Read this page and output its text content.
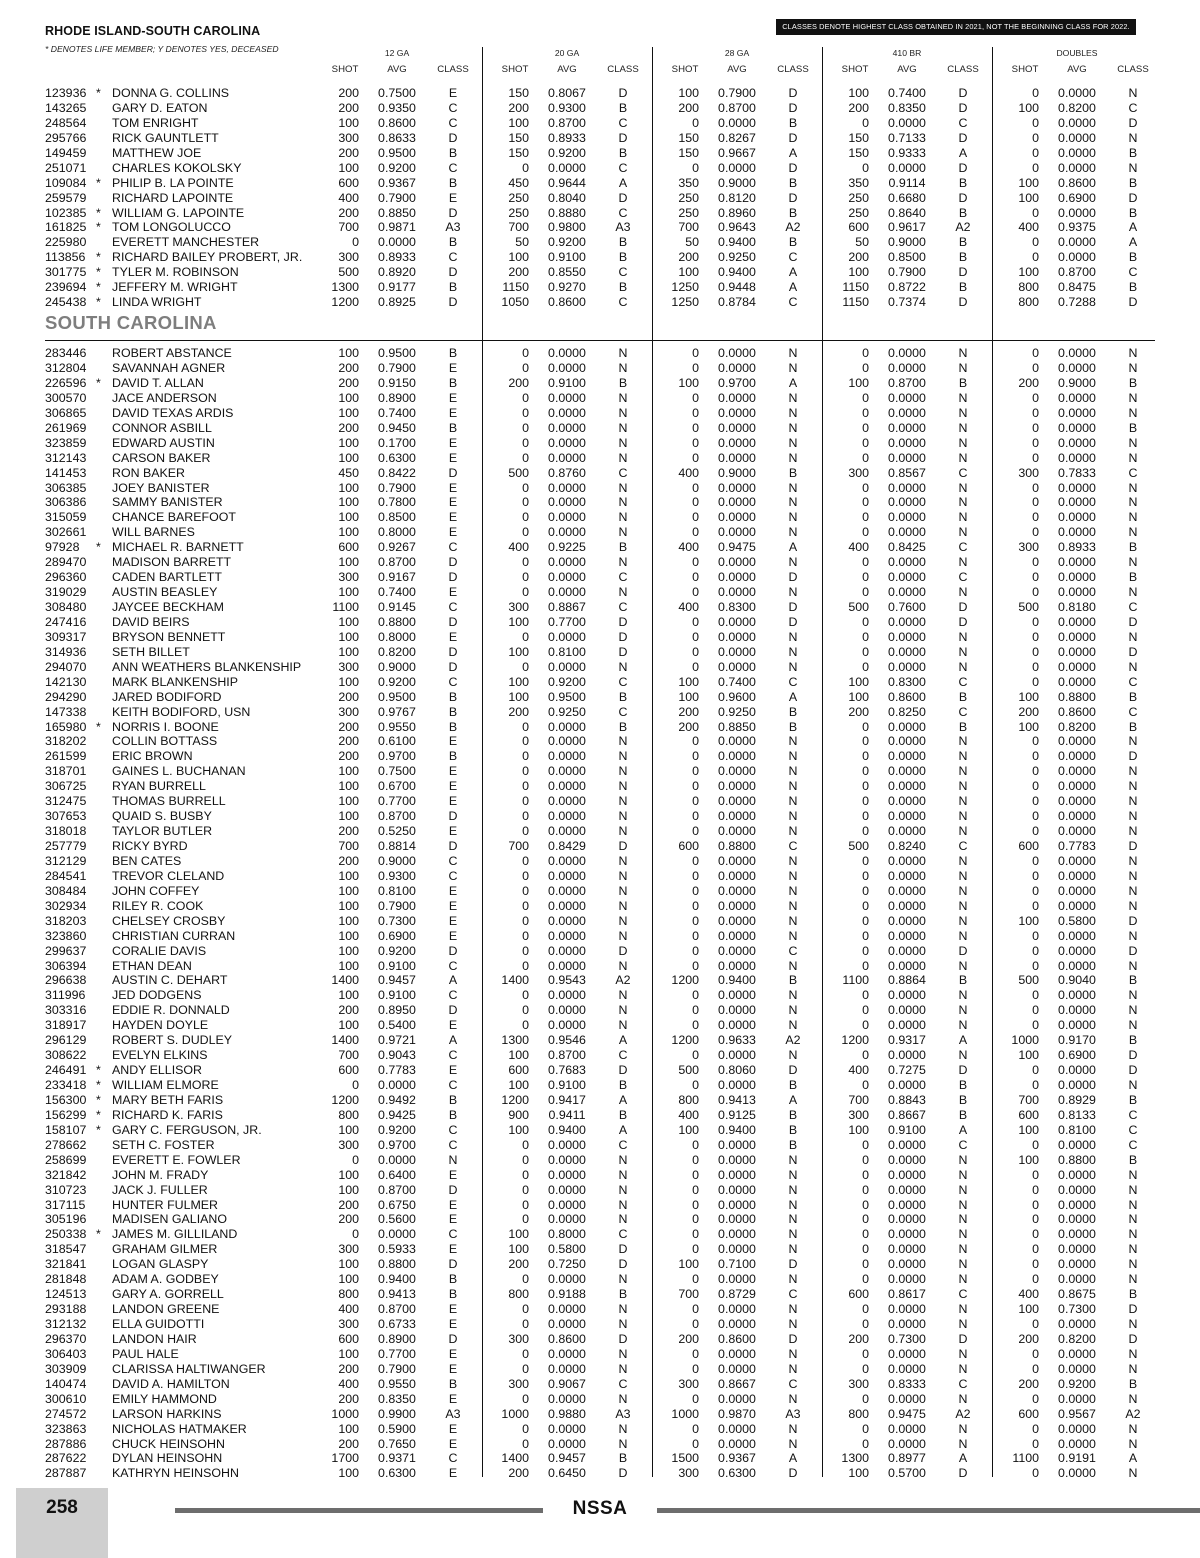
RHODE ISLAND-SOUTH CAROLINA
* DENOTES LIFE MEMBER; Y DENOTES YES, DECEASED
CLASSES DENOTE HIGHEST CLASS OBTAINED IN 2021, NOT THE BEGINNING CLASS FOR 2022.
12 GA
SHOT	AVG	CLASS
20 GA
SHOT	AVG	CLASS
28 GA
SHOT	AVG	CLASS
410 BR
SHOT	AVG	CLASS
DOUBLES
SHOT	AVG	CLASS
123936 * DONNA G. COLLINS	200	0.7500	E	150	0.8067	D	100	0.7900	D	100	0.7400	D	0	0.0000	N
143265 GARY D. EATON	200	0.9350	C	200	0.9300	B	200	0.8700	D	200	0.8350	D	100	0.8200	C
248564 TOM ENRIGHT	100	0.8600	C	100	0.8700	C	0	0.0000	B	0	0.0000	C	0	0.0000	D
295766 RICK GAUNTLETT	300	0.8633	D	150	0.8933	D	150	0.8267	D	150	0.7133	D	0	0.0000	N
149459 MATTHEW JOE	200	0.9500	B	150	0.9200	B	150	0.9667	A	150	0.9333	A	0	0.0000	B
251071 CHARLES KOKOLSKY	100	0.9200	C	0	0.0000	C	0	0.0000	D	0	0.0000	D	0	0.0000	N
109084 * PHILIP B. LA POINTE	600	0.9367	B	450	0.9644	A	350	0.9000	B	350	0.9114	B	100	0.8600	B
259579 RICHARD LAPOINTE	400	0.7900	E	250	0.8040	D	250	0.8120	D	250	0.6680	D	100	0.6900	D
102385 * WILLIAM G. LAPOINTE	200	0.8850	D	250	0.8880	C	250	0.8960	B	250	0.8640	B	0	0.0000	B
161825 * TOM LONGOLUCCO	700	0.9871	A3	700	0.9800	A3	700	0.9643	A2	600	0.9617	A2	400	0.9375	A
225980 EVERETT MANCHESTER	0	0.0000	B	50	0.9200	B	50	0.9400	B	50	0.9000	B	0	0.0000	A
113856 * RICHARD BAILEY PROBERT, JR.	300	0.8933	C	100	0.9100	B	200	0.9250	C	200	0.8500	B	0	0.0000	B
301775 * TYLER M. ROBINSON	500	0.8920	D	200	0.8550	C	100	0.9400	A	100	0.7900	D	100	0.8700	C
239694 * JEFFERY M. WRIGHT	1300	0.9177	B	1150	0.9270	B	1250	0.9448	A	1150	0.8722	B	800	0.8475	B
245438 * LINDA WRIGHT	1200	0.8925	D	1050	0.8600	C	1250	0.8784	C	1150	0.7374	D	800	0.7288	D
SOUTH CAROLINA
283446 ROBERT ABSTANCE	100	0.9500	B	0	0.0000	N	0	0.0000	N	0	0.0000	N	0	0.0000	N
312804 SAVANNAH AGNER	200	0.7900	E	0	0.0000	N	0	0.0000	N	0	0.0000	N	0	0.0000	N
226596 * DAVID T. ALLAN	200	0.9150	B	200	0.9100	B	100	0.9700	A	100	0.8700	B	200	0.9000	B
300570 JACE ANDERSON	100	0.8900	E	0	0.0000	N	0	0.0000	N	0	0.0000	N	0	0.0000	N
306865 DAVID TEXAS ARDIS	100	0.7400	E	0	0.0000	N	0	0.0000	N	0	0.0000	N	0	0.0000	N
261969 CONNOR ASBILL	200	0.9450	B	0	0.0000	N	0	0.0000	N	0	0.0000	N	0	0.0000	B
323859 EDWARD AUSTIN	100	0.1700	E	0	0.0000	N	0	0.0000	N	0	0.0000	N	0	0.0000	N
312143 CARSON BAKER	100	0.6300	E	0	0.0000	N	0	0.0000	N	0	0.0000	N	0	0.0000	N
141453 RON BAKER	450	0.8422	D	500	0.8760	C	400	0.9000	B	300	0.8567	C	300	0.7833	C
306385 JOEY BANISTER	100	0.7900	E	0	0.0000	N	0	0.0000	N	0	0.0000	N	0	0.0000	N
306386 SAMMY BANISTER	100	0.7800	E	0	0.0000	N	0	0.0000	N	0	0.0000	N	0	0.0000	N
315059 CHANCE BAREFOOT	100	0.8500	E	0	0.0000	N	0	0.0000	N	0	0.0000	N	0	0.0000	N
302661 WILL BARNES	100	0.8000	E	0	0.0000	N	0	0.0000	N	0	0.0000	N	0	0.0000	N
97928 * MICHAEL R. BARNETT	600	0.9267	C	400	0.9225	B	400	0.9475	A	400	0.8425	C	300	0.8933	B
289470 MADISON BARRETT	100	0.8700	D	0	0.0000	N	0	0.0000	N	0	0.0000	N	0	0.0000	N
296360 CADEN BARTLETT	300	0.9167	D	0	0.0000	C	0	0.0000	D	0	0.0000	C	0	0.0000	B
319029 AUSTIN BEASLEY	100	0.7400	E	0	0.0000	N	0	0.0000	N	0	0.0000	N	0	0.0000	N
308480 JAYCEE BECKHAM	1100	0.9145	C	300	0.8867	C	400	0.8300	D	500	0.7600	D	500	0.8180	C
247416 DAVID BEIRS	100	0.8800	D	100	0.7700	D	0	0.0000	D	0	0.0000	D	0	0.0000	D
309317 BRYSON BENNETT	100	0.8000	E	0	0.0000	D	0	0.0000	N	0	0.0000	N	0	0.0000	N
314936 SETH BILLET	100	0.8200	D	100	0.8100	D	0	0.0000	N	0	0.0000	N	0	0.0000	D
294070 ANN WEATHERS BLANKENSHIP	300	0.9000	D	0	0.0000	N	0	0.0000	N	0	0.0000	N	0	0.0000	N
142130 MARK BLANKENSHIP	100	0.9200	C	100	0.9200	C	100	0.7400	C	100	0.8300	C	0	0.0000	C
294290 JARED BODIFORD	200	0.9500	B	100	0.9500	B	100	0.9600	A	100	0.8600	B	100	0.8800	B
147338 KEITH BODIFORD, USN	300	0.9767	B	200	0.9250	C	200	0.9250	B	200	0.8250	C	200	0.8600	C
165980 * NORRIS I. BOONE	200	0.9550	B	0	0.0000	B	200	0.8850	B	0	0.0000	B	100	0.8200	B
318202 COLLIN BOTTASS	200	0.6100	E	0	0.0000	N	0	0.0000	N	0	0.0000	N	0	0.0000	N
261599 ERIC BROWN	200	0.9700	B	0	0.0000	N	0	0.0000	N	0	0.0000	N	0	0.0000	D
318701 GAINES L. BUCHANAN	100	0.7500	E	0	0.0000	N	0	0.0000	N	0	0.0000	N	0	0.0000	N
306725 RYAN BURRELL	100	0.6700	E	0	0.0000	N	0	0.0000	N	0	0.0000	N	0	0.0000	N
312475 THOMAS BURRELL	100	0.7700	E	0	0.0000	N	0	0.0000	N	0	0.0000	N	0	0.0000	N
307653 QUAID S. BUSBY	100	0.8700	D	0	0.0000	N	0	0.0000	N	0	0.0000	N	0	0.0000	N
318018 TAYLOR BUTLER	200	0.5250	E	0	0.0000	N	0	0.0000	N	0	0.0000	N	0	0.0000	N
257779 RICKY BYRD	700	0.8814	D	700	0.8429	D	600	0.8800	C	500	0.8240	C	600	0.7783	D
312129 BEN CATES	200	0.9000	C	0	0.0000	N	0	0.0000	N	0	0.0000	N	0	0.0000	N
284541 TREVOR CLELAND	100	0.9300	C	0	0.0000	N	0	0.0000	N	0	0.0000	N	0	0.0000	N
308484 JOHN COFFEY	100	0.8100	E	0	0.0000	N	0	0.0000	N	0	0.0000	N	0	0.0000	N
302934 RILEY R. COOK	100	0.7900	E	0	0.0000	N	0	0.0000	N	0	0.0000	N	0	0.0000	N
318203 CHELSEY CROSBY	100	0.7300	E	0	0.0000	N	0	0.0000	N	0	0.0000	N	100	0.5800	D
323860 CHRISTIAN CURRAN	100	0.6900	E	0	0.0000	N	0	0.0000	N	0	0.0000	N	0	0.0000	N
299637 CORALIE DAVIS	100	0.9200	D	0	0.0000	D	0	0.0000	C	0	0.0000	D	0	0.0000	D
306394 ETHAN DEAN	100	0.9100	C	0	0.0000	N	0	0.0000	N	0	0.0000	N	0	0.0000	N
296638 AUSTIN C. DEHART	1400	0.9457	A	1400	0.9543	A2	1200	0.9400	B	1100	0.8864	B	500	0.9040	B
311996 JED DODGENS	100	0.9100	C	0	0.0000	N	0	0.0000	N	0	0.0000	N	0	0.0000	N
303316 EDDIE R. DONNALD	200	0.8950	D	0	0.0000	N	0	0.0000	N	0	0.0000	N	0	0.0000	N
318917 HAYDEN DOYLE	100	0.5400	E	0	0.0000	N	0	0.0000	N	0	0.0000	N	0	0.0000	N
296129 ROBERT S. DUDLEY	1400	0.9721	A	1300	0.9546	A	1200	0.9633	A2	1200	0.9317	A	1000	0.9170	B
308622 EVELYN ELKINS	700	0.9043	C	100	0.8700	C	0	0.0000	N	0	0.0000	N	100	0.6900	D
246491 * ANDY ELLISOR	600	0.7783	E	600	0.7683	D	500	0.8060	D	400	0.7275	D	0	0.0000	D
233418 * WILLIAM ELMORE	0	0.0000	C	100	0.9100	B	0	0.0000	B	0	0.0000	B	0	0.0000	N
156300 * MARY BETH FARIS	1200	0.9492	B	1200	0.9417	A	800	0.9413	A	700	0.8843	B	700	0.8929	B
156299 * RICHARD K. FARIS	800	0.9425	B	900	0.9411	B	400	0.9125	B	300	0.8667	B	600	0.8133	C
158107 * GARY C. FERGUSON, JR.	100	0.9200	C	100	0.9400	A	100	0.9400	B	100	0.9100	A	100	0.8100	C
278662 SETH C. FOSTER	300	0.9700	C	0	0.0000	C	0	0.0000	B	0	0.0000	C	0	0.0000	C
258699 EVERETT E. FOWLER	0	0.0000	N	0	0.0000	N	0	0.0000	N	0	0.0000	N	100	0.8800	B
321842 JOHN M. FRADY	100	0.6400	E	0	0.0000	N	0	0.0000	N	0	0.0000	N	0	0.0000	N
310723 JACK J. FULLER	100	0.8700	D	0	0.0000	N	0	0.0000	N	0	0.0000	N	0	0.0000	N
317115 HUNTER FULMER	200	0.6750	E	0	0.0000	N	0	0.0000	N	0	0.0000	N	0	0.0000	N
305196 MADISEN GALIANO	200	0.5600	E	0	0.0000	N	0	0.0000	N	0	0.0000	N	0	0.0000	N
250338 * JAMES M. GILLILAND	0	0.0000	C	100	0.8000	C	0	0.0000	N	0	0.0000	N	0	0.0000	N
318547 GRAHAM GILMER	300	0.5933	E	100	0.5800	D	0	0.0000	N	0	0.0000	N	0	0.0000	N
321841 LOGAN GLASPY	100	0.8800	D	200	0.7250	D	100	0.7100	D	0	0.0000	N	0	0.0000	N
281848 ADAM A. GODBEY	100	0.9400	B	0	0.0000	N	0	0.0000	N	0	0.0000	N	0	0.0000	N
124513 GARY A. GORRELL	800	0.9413	B	800	0.9188	B	700	0.8729	C	600	0.8617	C	400	0.8675	B
293188 LANDON GREENE	400	0.8700	E	0	0.0000	N	0	0.0000	N	0	0.0000	N	100	0.7300	D
312132 ELLA GUIDOTTI	300	0.6733	E	0	0.0000	N	0	0.0000	N	0	0.0000	N	0	0.0000	N
296370 LANDON HAIR	600	0.8900	D	300	0.8600	D	200	0.8600	D	200	0.7300	D	200	0.8200	D
306403 PAUL HALE	100	0.7700	E	0	0.0000	N	0	0.0000	N	0	0.0000	N	0	0.0000	N
303909 CLARISSA HALTIWANGER	200	0.7900	E	0	0.0000	N	0	0.0000	N	0	0.0000	N	0	0.0000	N
140474 DAVID A. HAMILTON	400	0.9550	B	300	0.9067	C	300	0.8667	C	300	0.8333	C	200	0.9200	B
300610 EMILY HAMMOND	200	0.8350	E	0	0.0000	N	0	0.0000	N	0	0.0000	N	0	0.0000	N
274572 LARSON HARKINS	1000	0.9900	A3	1000	0.9880	A3	1000	0.9870	A3	800	0.9475	A2	600	0.9567	A2
323863 NICHOLAS HATMAKER	100	0.5900	E	0	0.0000	N	0	0.0000	N	0	0.0000	N	0	0.0000	N
287886 CHUCK HEINSOHN	200	0.7650	E	0	0.0000	N	0	0.0000	N	0	0.0000	N	0	0.0000	N
287622 DYLAN HEINSOHN	1700	0.9371	C	1400	0.9457	B	1500	0.9367	A	1300	0.8977	A	1100	0.9191	A
287887 KATHRYN HEINSOHN	100	0.6300	E	200	0.6450	D	300	0.6300	D	100	0.5700	D	0	0.0000	N
258	NSSA
